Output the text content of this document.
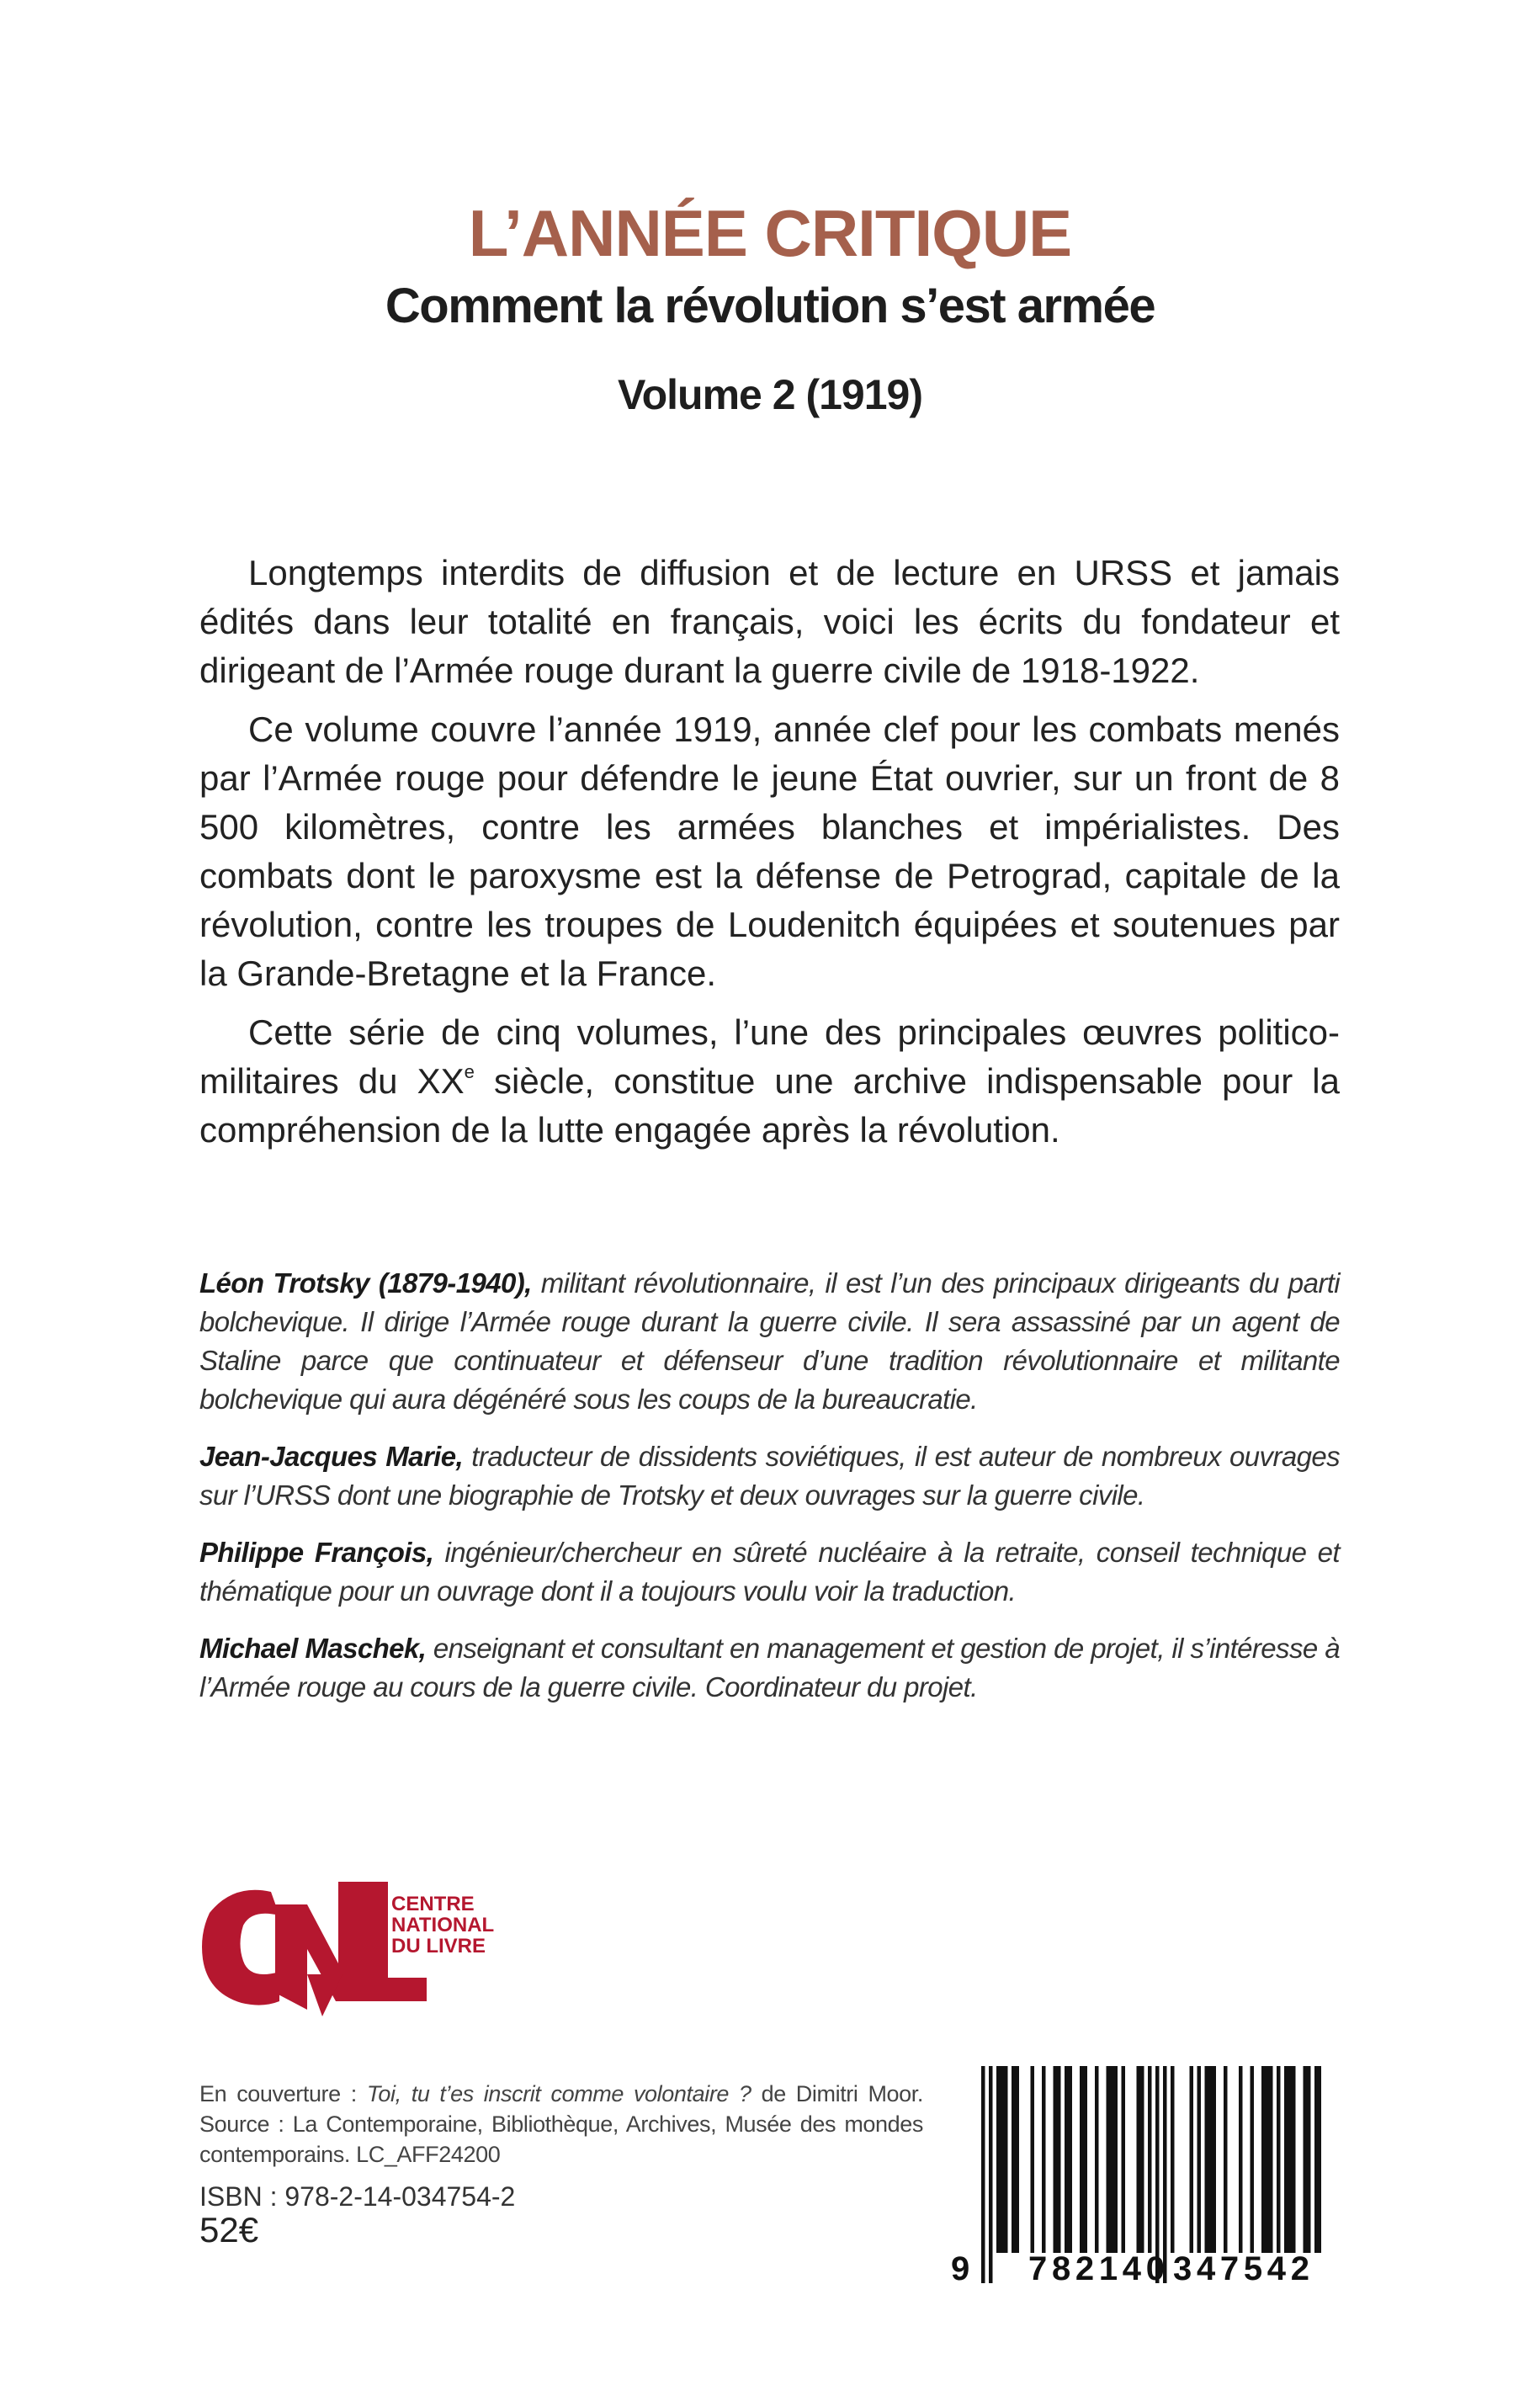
L’ANNÉE CRITIQUE
Comment la révolution s’est armée
Volume 2 (1919)

Longtemps interdits de diffusion et de lecture en URSS et jamais édités dans leur totalité en français, voici les écrits du fondateur et dirigeant de l’Armée rouge durant la guerre civile de 1918-1922.

Ce volume couvre l’année 1919, année clef pour les combats menés par l’Armée rouge pour défendre le jeune État ouvrier, sur un front de 8 500 kilomètres, contre les armées blanches et impérialistes. Des combats dont le paroxysme est la défense de Petrograd, capitale de la révolution, contre les troupes de Loudenitch équipées et soutenues par la Grande-Bretagne et la France.

Cette série de cinq volumes, l’une des principales œuvres politico-militaires du XXe siècle, constitue une archive indispensable pour la compréhension de la lutte engagée après la révolution.

Léon Trotsky (1879-1940), militant révolutionnaire, il est l’un des principaux dirigeants du parti bolchevique. Il dirige l’Armée rouge durant la guerre civile. Il sera assassiné par un agent de Staline parce que continuateur et défenseur d’une tradition révolutionnaire et militante bolchevique qui aura dégénéré sous les coups de la bureaucratie.

Jean-Jacques Marie, traducteur de dissidents soviétiques, il est auteur de nombreux ouvrages sur l’URSS dont une biographie de Trotsky et deux ouvrages sur la guerre civile.

Philippe François, ingénieur/chercheur en sûreté nucléaire à la retraite, conseil technique et thématique pour un ouvrage dont il a toujours voulu voir la traduction.

Michael Maschek, enseignant et consultant en management et gestion de projet, il s’intéresse à l’Armée rouge au cours de la guerre civile. Coordinateur du projet.

CENTRE
NATIONAL
DU LIVRE
En couverture : Toi, tu t’es inscrit comme volontaire ? de Dimitri Moor. Source : La Contemporaine, Bibliothèque, Archives, Musée des mondes contemporains. LC_AFF24200
ISBN : 978-2-14-034754-2
52€
9 782140 347542
